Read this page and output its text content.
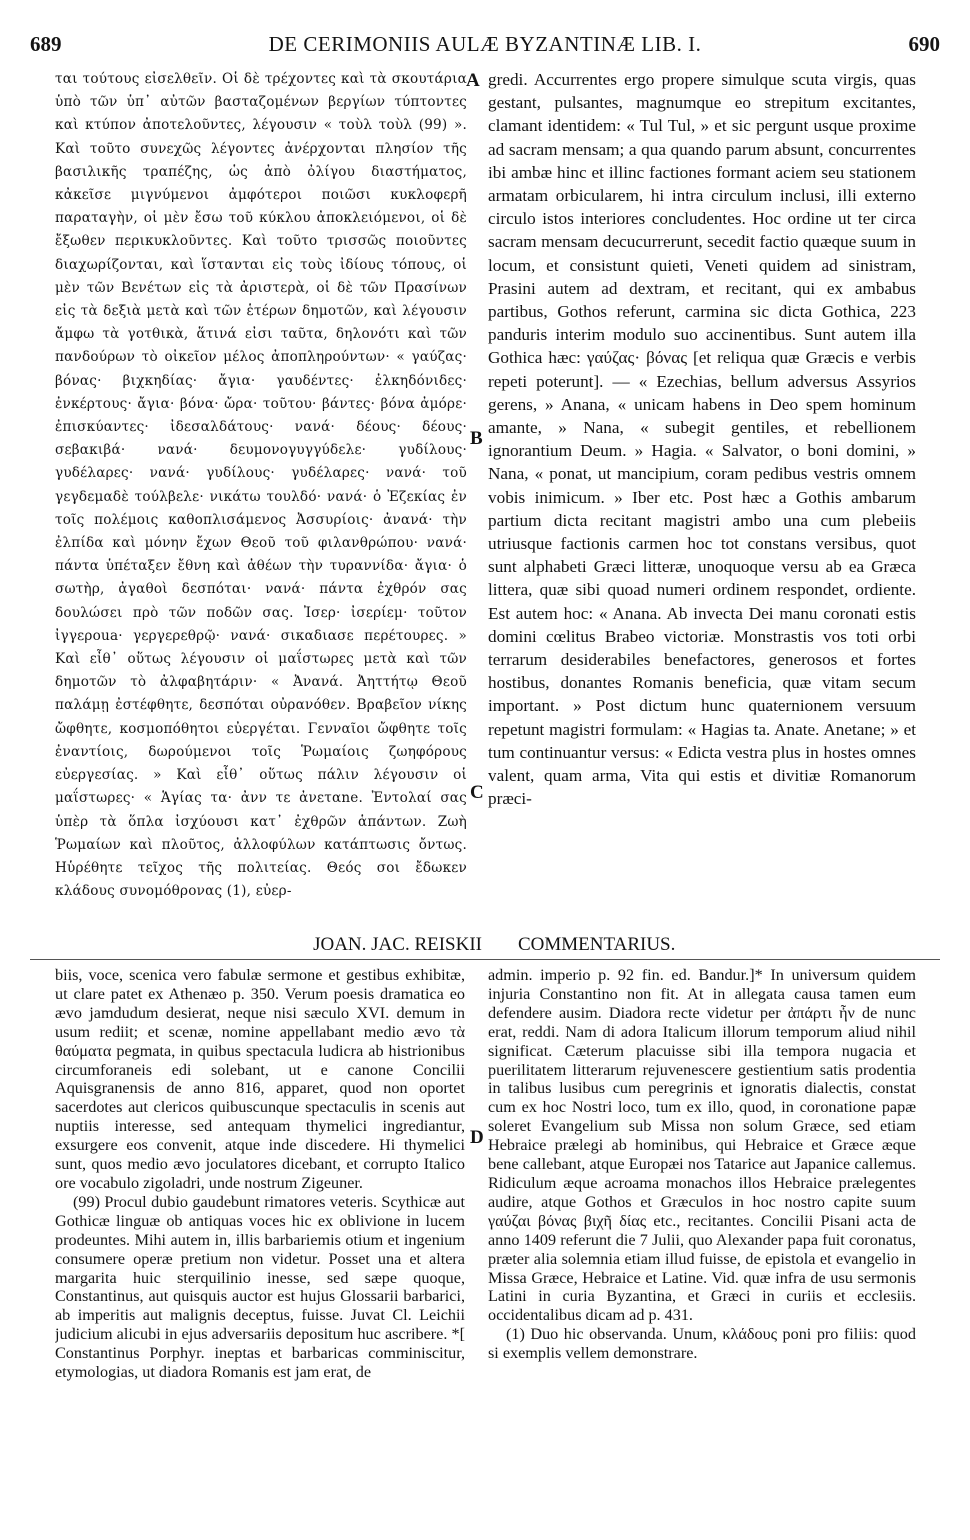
689	DE CERIMONIIS AULÆ BYZANTINÆ LIB. I.	690

ται τούτους εἰσελθεῖν. Οἱ δὲ τρέχοντες καὶ τὰ σκουτάρια ὑπὸ τῶν ὑπ᾽ αὐτῶν βασταζομένων βεργίων τύπτοντες καὶ κτύπον ἀποτελοῦντες, λέγουσιν « τοὺλ τοὺλ (99) ». Καὶ τοῦτο συνεχῶς λέγοντες ἀνέρχονται πλησίον τῆς βασιλικῆς τραπέζης, ὡς ἀπὸ ὀλίγου διαστήματος, κἀκεῖσε μιγνύμενοι ἀμφότεροι ποιῶσι κυκλοφερῆ παραταγὴν, οἱ μὲν ἔσω τοῦ κύκλου ἀποκλειόμενοι, οἱ δὲ ἔξωθεν περικυκλοῦντες. Καὶ τοῦτο τρισσῶς ποιοῦντες διαχωρίζονται, καὶ ἵστανται εἰς τοὺς ἰδίους τόπους, οἱ μὲν τῶν Βενέτων εἰς τὰ ἀριστερὰ, οἱ δὲ τῶν Πρασίνων εἰς τὰ δεξιὰ μετὰ καὶ τῶν ἑτέρων δημοτῶν, καὶ λέγουσιν ἄμφω τὰ γοτθικὰ, ἅτινά εἰσι ταῦτα, δηλονότι καὶ τῶν πανδούρων τὸ οἰκεῖον μέλος ἀποπληρούντων· « γαύζας· βόνας· βιχκηδίας· ἄγια· γαυδέντες· ἐλκηδόνιδες· ἐνκέρτους· ἄγια· βόνα· ὤρα· τοῦτου· βάντες· βόνα ἀμόρε· ἐπισκύαντες· ἰδεσαλδάτους· νανά· δέους· δέους· σεβακιβά· νανά· δευμονογυγγύδελε· γυδίλους· γυδέλαρες· νανά· γυδίλους· γυδέλαρες· νανά· τοῦ γεγδεμαδὲ τούλβελε· νικάτω τουλδό· νανά· ὁ Ἐζεκίας ἐν τοῖς πολέμοις καθοπλισάμενος Ἀσσυρίοις· ἀνανά· τὴν ἐλπίδα καὶ μόνην ἔχων Θεοῦ τοῦ φιλανθρώπου· νανά· πάντα ὑπέταξεν ἔθνη καὶ ἀθέων τὴν τυραννίδα· ἄγια· ὁ σωτὴρ, ἀγαθοὶ δεσπόται· νανά· πάντα ἐχθρόν σας δουλώσει πρὸ τῶν ποδῶν σας. Ἰσερ· ἰσερίεμ· τοῦτον ἰγγεροua· γεργερεθρῷ· νανά· σικαδιασε περέτουρες. » Καὶ εἶθ᾽ οὕτως λέγουσιν οἱ μαΐστωρες μετὰ καὶ τῶν δημοτῶν τὸ ἀλφαβητάριν· « Ἀνανά. Ἀηττήτῳ Θεοῦ παλάμῃ ἐστέφθητε, δεσπόται οὐρανόθεν. Βραβεῖον νίκης ὤφθητε, κοσμοπόθητοι εὐεργέται. Γενναῖοι ὤφθητε τοῖς ἐναντίοις, δωρούμενοι τοῖς Ῥωμαίοις ζωηφόρους εὐεργεσίας. » Καὶ εἶθ᾽ οὕτως πάλιν λέγουσιν οἱ μαΐστωρες· « Ἁγίας τα· ἀνν τε ἀνεταne. Ἐντολαί σας ὑπὲρ τὰ ὅπλα ἰσχύουσι κατ᾽ ἐχθρῶν ἁπάντων. Ζωὴ Ῥωμαίων καὶ πλοῦτος, ἀλλοφύλων κατάπτωσις ὄντως. Ηὑρέθητε τεῖχος τῆς πολιτείας. Θεός σοι ἔδωκεν κλάδους συνομόθρονας (1), εὐερ-

gredi. Accurrentes ergo propere simulque scuta virgis, quas gestant, pulsantes, magnumque eo strepitum excitantes, clamant identidem: « Tul Tul, » et sic pergunt usque proxime ad sacram mensam; a qua quando parum absunt, concurrentes ibi ambæ hinc et illinc factiones formant aciem seu stationem armatam orbicularem, hi intra circulum inclusi, illi externo circulo istos interiores concludentes. Hoc ordine ut ter circa sacram mensam decucurrerunt, secedit factio quæque suum in locum, et consistunt quieti, Veneti quidem ad sinistram, Prasini autem ad dextram, et recitant, qui ex ambabus partibus, Gothos referunt, carmina sic dicta Gothica, 223 panduris interim modulo suo accinentibus. Sunt autem illa Gothica hæc: γαύζας· βόνας [et reliqua quæ Græcis e verbis repeti poterunt]. — « Ezechias, bellum adversus Assyrios gerens, » Anana, « unicam habens in Deo spem hominum amante, » Nana, « subegit gentiles, et rebellionem ignorantium Deum. » Hagia. « Salvator, o boni domini, » Nana, « ponat, ut mancipium, coram pedibus vestris omnem vobis inimicum. » Iber etc. Post hæc a Gothis ambarum partium dicta recitant magistri ambo una cum plebeiis utriusque factionis carmen hoc tot constans versibus, quot sunt alphabeti Græci litteræ, unoquoque versu ab ea Græca littera, quæ sibi quoad numeri ordinem respondet, ordiente. Est autem hoc: « Anana. Ab invecta Dei manu coronati estis domini cœlitus Brabeo victoriæ. Monstrastis vos toti orbi terrarum desiderabiles benefactores, generosos et fortes hostibus, donantes Romanis beneficia, quæ vitam secum important. » Post dictum hunc quaternionem versuum repetunt magistri formulam: « Hagias ta. Anate. Anetane; » et tum continuantur versus: « Edicta vestra plus in hostes omnes valent, quam arma, Vita qui estis et divitiæ Romanorum præci-

A
B
C
D
JOAN. JAC. REISKII COMMENTARIUS.

biis, voce, scenica vero fabulæ sermone et gestibus exhibitæ, ut clare patet ex Athenæo p. 350. Verum poesis dramatica eo ævo jamdudum desierat, neque nisi sæculo XVI. demum in usum rediit; et scenæ, nomine appellabant medio ævo τὰ θαύματα pegmata, in quibus spectacula ludicra ab histrionibus circumforaneis edi solebant, ut e canone Concilii Aquisgranensis de anno 816, apparet, quod non oportet sacerdotes aut clericos quibuscunque spectaculis in scenis aut nuptiis interesse, sed antequam thymelici ingrediantur, exsurgere eos convenit, atque inde discedere. Hi thymelici sunt, quos medio ævo joculatores dicebant, et corrupto Italico ore vocabulo zigoladri, unde nostrum Zigeuner.

(99) Procul dubio gaudebunt rimatores veteris. Scythicæ aut Gothicæ linguæ ob antiquas voces hic ex oblivione in lucem prodeuntes. Mihi autem in, illis barbariemis otium et ingenium consumere operæ pretium non videtur. Posset una et altera margarita huic sterquilinio inesse, sed sæpe quoque, Constantinus, aut quisquis auctor est hujus Glossarii barbarici, ab imperitis aut malignis deceptus, fuisse. Juvat Cl. Leichii judicium alicubi in ejus adversariis depositum huc ascribere. *[ Constantinus Porphyr. ineptas et barbaricas comminiscitur, etymologias, ut diadora Romanis est jam erat, de

admin. imperio p. 92 fin. ed. Bandur.]* In universum quidem injuria Constantino non fit. At in allegata causa tamen eum defendere ausim. Diadora recte videtur per ἀπάρτι ἦν de nunc erat, reddi. Nam di adora Italicum illorum temporum aliud nihil significat. Cæterum placuisse sibi illa tempora nugacia et puerilitatem litterarum rejuvenescere gestientium satis prodentia in talibus lusibus cum peregrinis et ignoratis dialectis, constat cum ex hoc Nostri loco, tum ex illo, quod, in coronatione papæ soleret Evangelium sub Missa non solum Græce, sed etiam Hebraice prælegi ab hominibus, qui Hebraice et Græce æque bene callebant, atque Europæi nos Tatarice aut Japanice callemus. Ridiculum æque acroama monachos illos Hebraice prælegentes audire, atque Gothos et Græculos in hoc nostro capite suum γαύζαι βόνας βιχῆ δίας etc., recitantes. Concilii Pisani acta de anno 1409 referunt die 7 Julii, quo Alexander papa fuit coronatus, præter alia solemnia etiam illud fuisse, de epistola et evangelio in Missa Græce, Hebraice et Latine. Vid. quæ infra de usu sermonis Latini in curia Byzantina, et Græci in curiis et ecclesiis. occidentalibus dicam ad p. 431.

(1) Duo hic observanda. Unum, κλάδους poni pro filiis: quod si exemplis vellem demonstrare.
